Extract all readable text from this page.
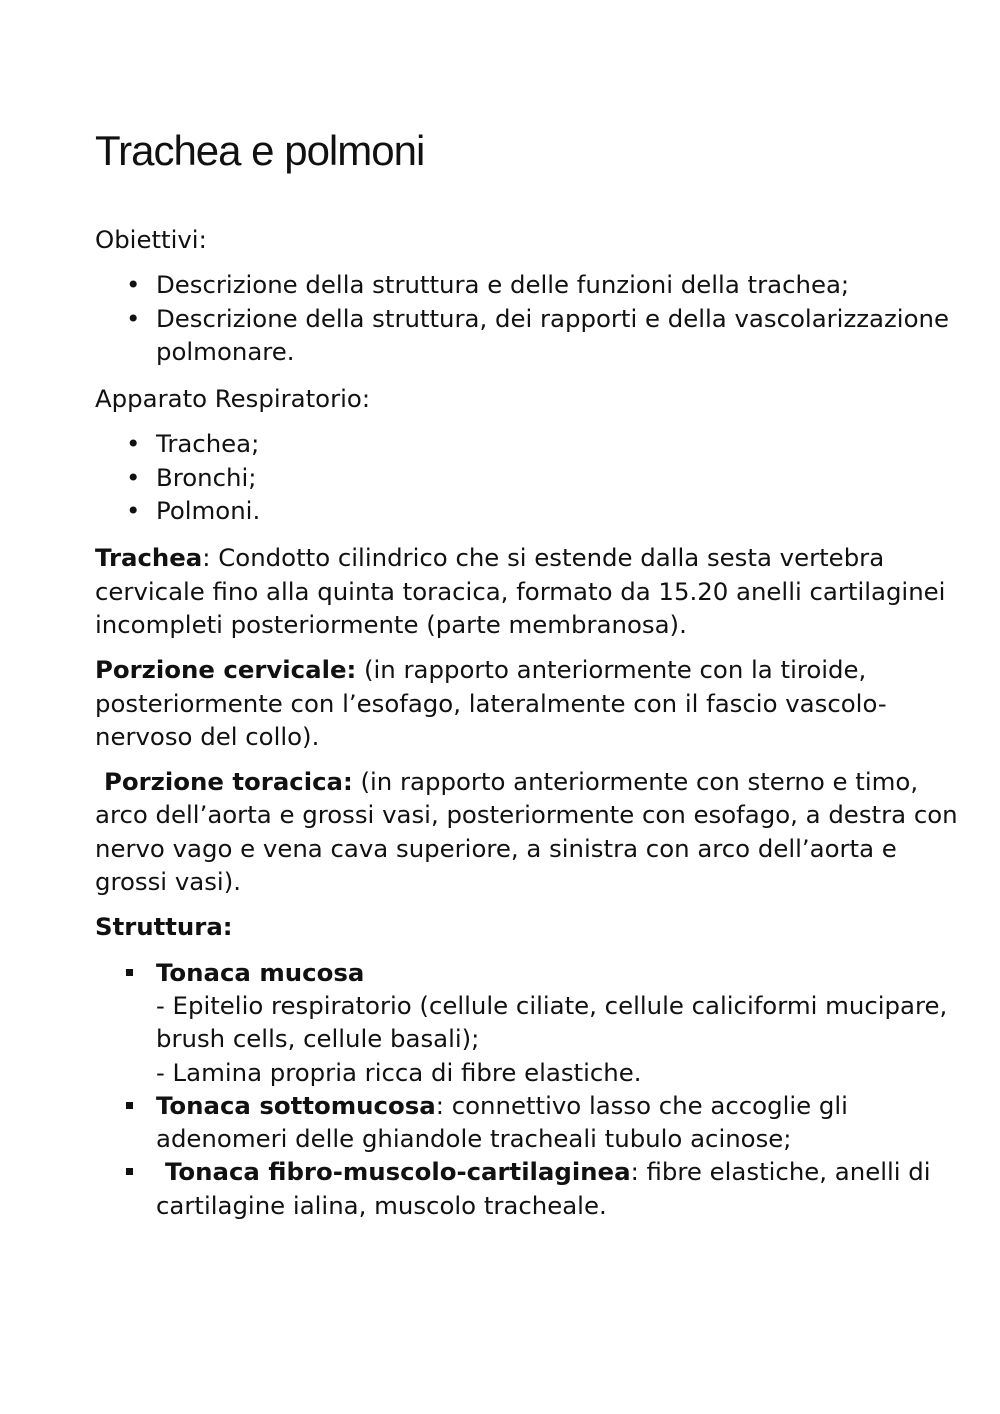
Trachea e polmoni

Obiettivi:

• Descrizione della struttura e delle funzioni della trachea;
• Descrizione della struttura, dei rapporti e della vascolarizzazione polmonare.

Apparato Respiratorio:

• Trachea;
• Bronchi;
• Polmoni.

Trachea: Condotto cilindrico che si estende dalla sesta vertebra cervicale fino alla quinta toracica, formato da 15.20 anelli cartilaginei incompleti posteriormente (parte membranosa).

Porzione cervicale: (in rapporto anteriormente con la tiroide, posteriormente con l’esofago, lateralmente con il fascio vascolo-nervoso del collo).

Porzione toracica: (in rapporto anteriormente con sterno e timo, arco dell’aorta e grossi vasi, posteriormente con esofago, a destra con nervo vago e vena cava superiore, a sinistra con arco dell’aorta e grossi vasi).

Struttura:

Tonaca mucosa
- Epitelio respiratorio (cellule ciliate, cellule caliciformi mucipare, brush cells, cellule basali);
- Lamina propria ricca di fibre elastiche.
Tonaca sottomucosa: connettivo lasso che accoglie gli adenomeri delle ghiandole tracheali tubulo acinose;
Tonaca fibro-muscolo-cartilaginea: fibre elastiche, anelli di cartilagine ialina, muscolo tracheale.
